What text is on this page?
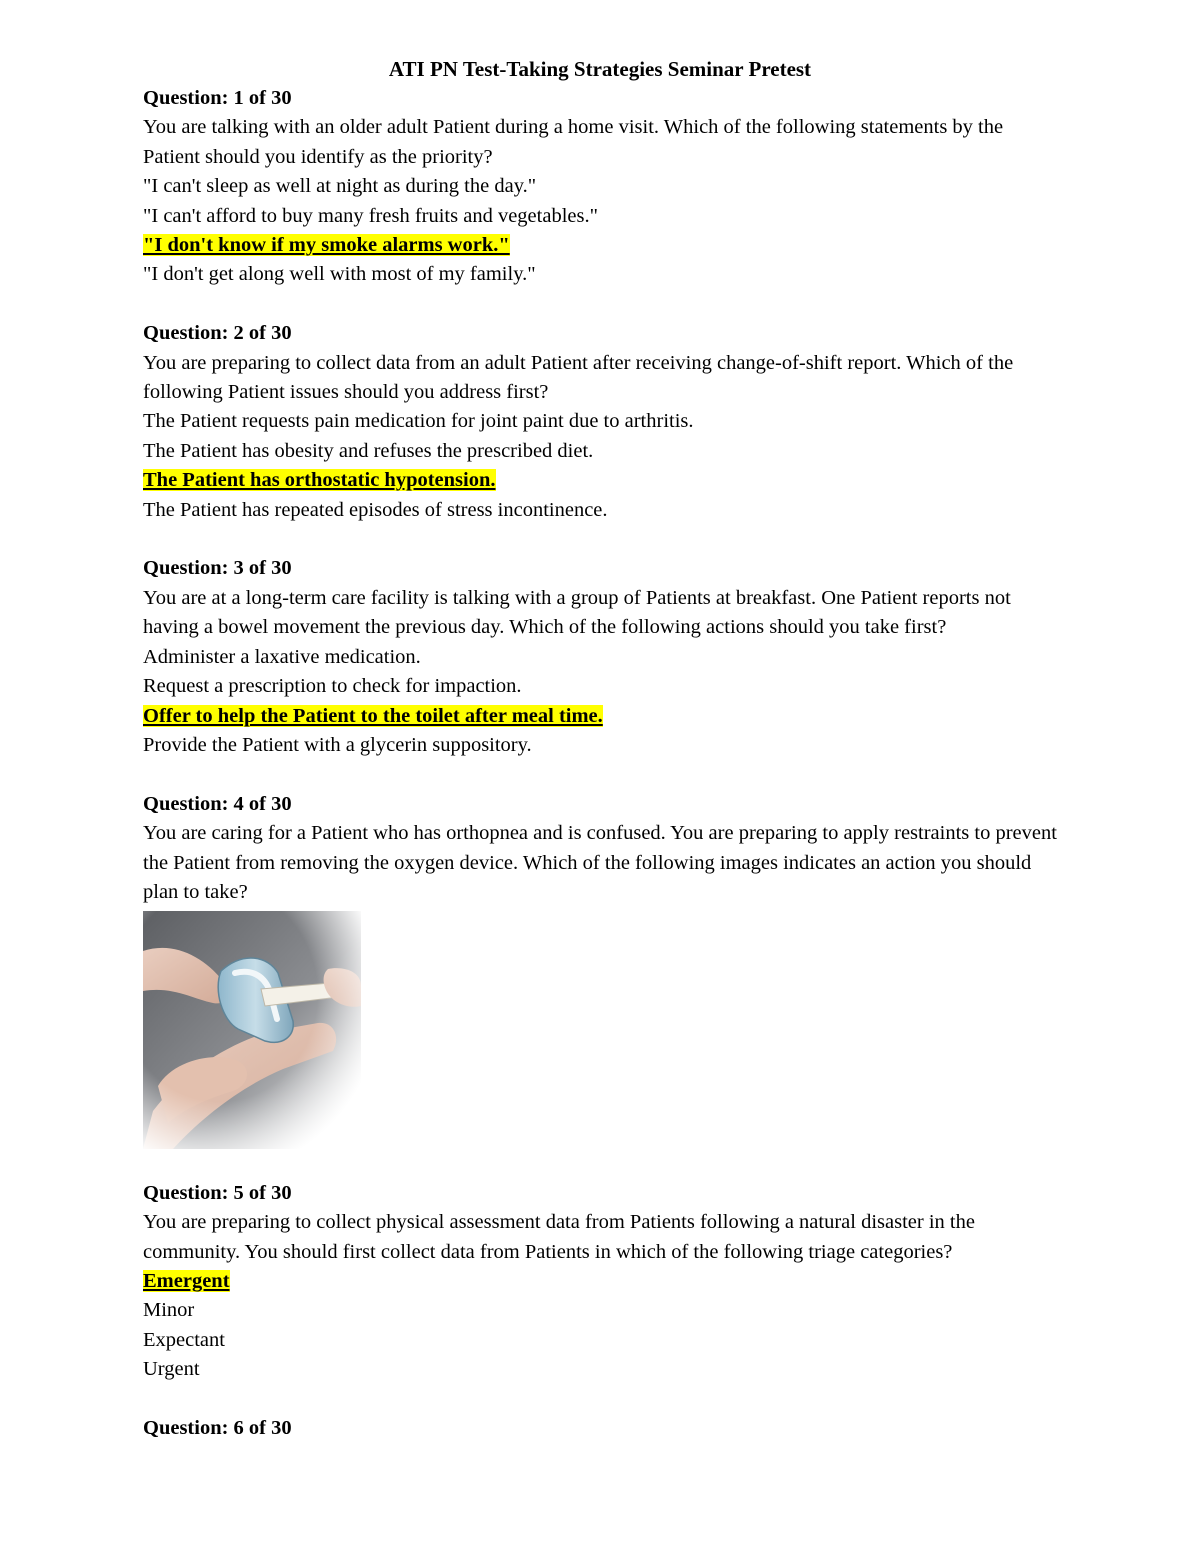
ATI PN Test-Taking Strategies Seminar Pretest
Question: 1 of 30
You are talking with an older adult Patient during a home visit. Which of the following statements by the Patient should you identify as the priority?
"I can't sleep as well at night as during the day."
"I can't afford to buy many fresh fruits and vegetables."
"I don't know if my smoke alarms work."
"I don't get along well with most of my family."
Question: 2 of 30
You are preparing to collect data from an adult Patient after receiving change-of-shift report. Which of the following Patient issues should you address first?
The Patient requests pain medication for joint paint due to arthritis.
The Patient has obesity and refuses the prescribed diet.
The Patient has orthostatic hypotension.
The Patient has repeated episodes of stress incontinence.
Question: 3 of 30
You are at a long-term care facility is talking with a group of Patients at breakfast. One Patient reports not having a bowel movement the previous day. Which of the following actions should you take first?
Administer a laxative medication.
Request a prescription to check for impaction.
Offer to help the Patient to the toilet after meal time.
Provide the Patient with a glycerin suppository.
Question: 4 of 30
You are caring for a Patient who has orthopnea and is confused. You are preparing to apply restraints to prevent the Patient from removing the oxygen device. Which of the following images indicates an action you should plan to take?
Question: 5 of 30
You are preparing to collect physical assessment data from Patients following a natural disaster in the community. You should first collect data from Patients in which of the following triage categories?
Emergent
Minor
Expectant
Urgent
Question: 6 of 30
